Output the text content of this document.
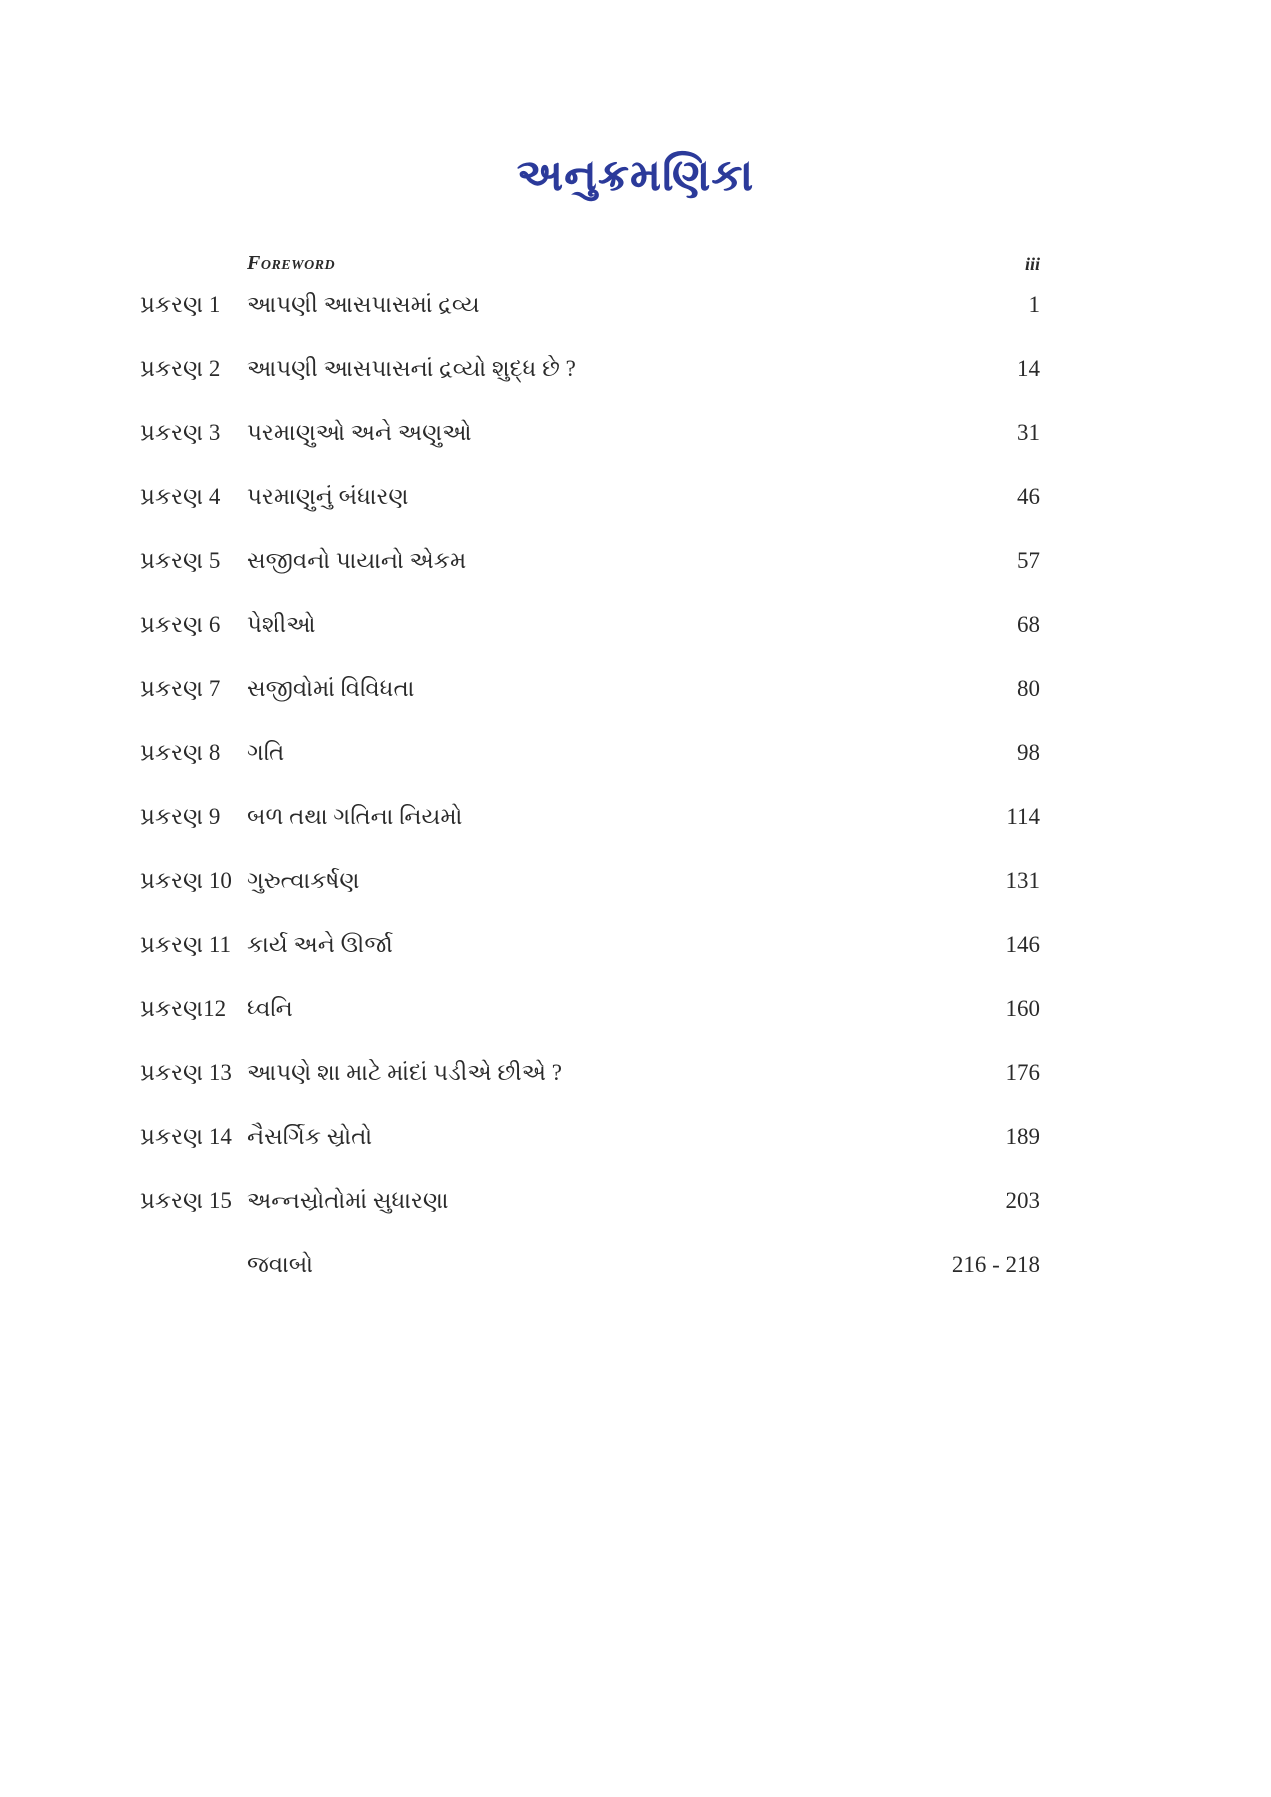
અનુક્રમણિકા
Foreword	iii
પ્રકરણ 1 આપણી આસપાસમાં દ્રવ્ય	1
પ્રકરણ 2 આપણી આસપાસનાં દ્રવ્યો શુદ્ધ છે ?	14
પ્રકરણ 3 પરમાણુઓ અને અણુઓ	31
પ્રકરણ 4 પરમાણુનું બંધારણ	46
પ્રકરણ 5 સજીવનો પાયાનો એકમ	57
પ્રકરણ 6 પેશીઓ	68
પ્રકરણ 7 સજીવોમાં વિવિધતા	80
પ્રકરણ 8 ગતિ	98
પ્રકરણ 9 બળ તથા ગતિના નિયમો	114
પ્રકરણ 10 ગુરુત્વાકર્ષણ	131
પ્રકરણ 11 કાર્ય અને ઊર્જા	146
પ્રકરણ12 ધ્વનિ	160
પ્રકરણ 13 આપણે શા માટે માંદાં પડીએ છીએ ?	176
પ્રકરણ 14 નૈસર્ગિક સ્રોતો	189
પ્રકરણ 15 અન્નસ્રોતોમાં સુધારણા	203
જવાબો	216 - 218
